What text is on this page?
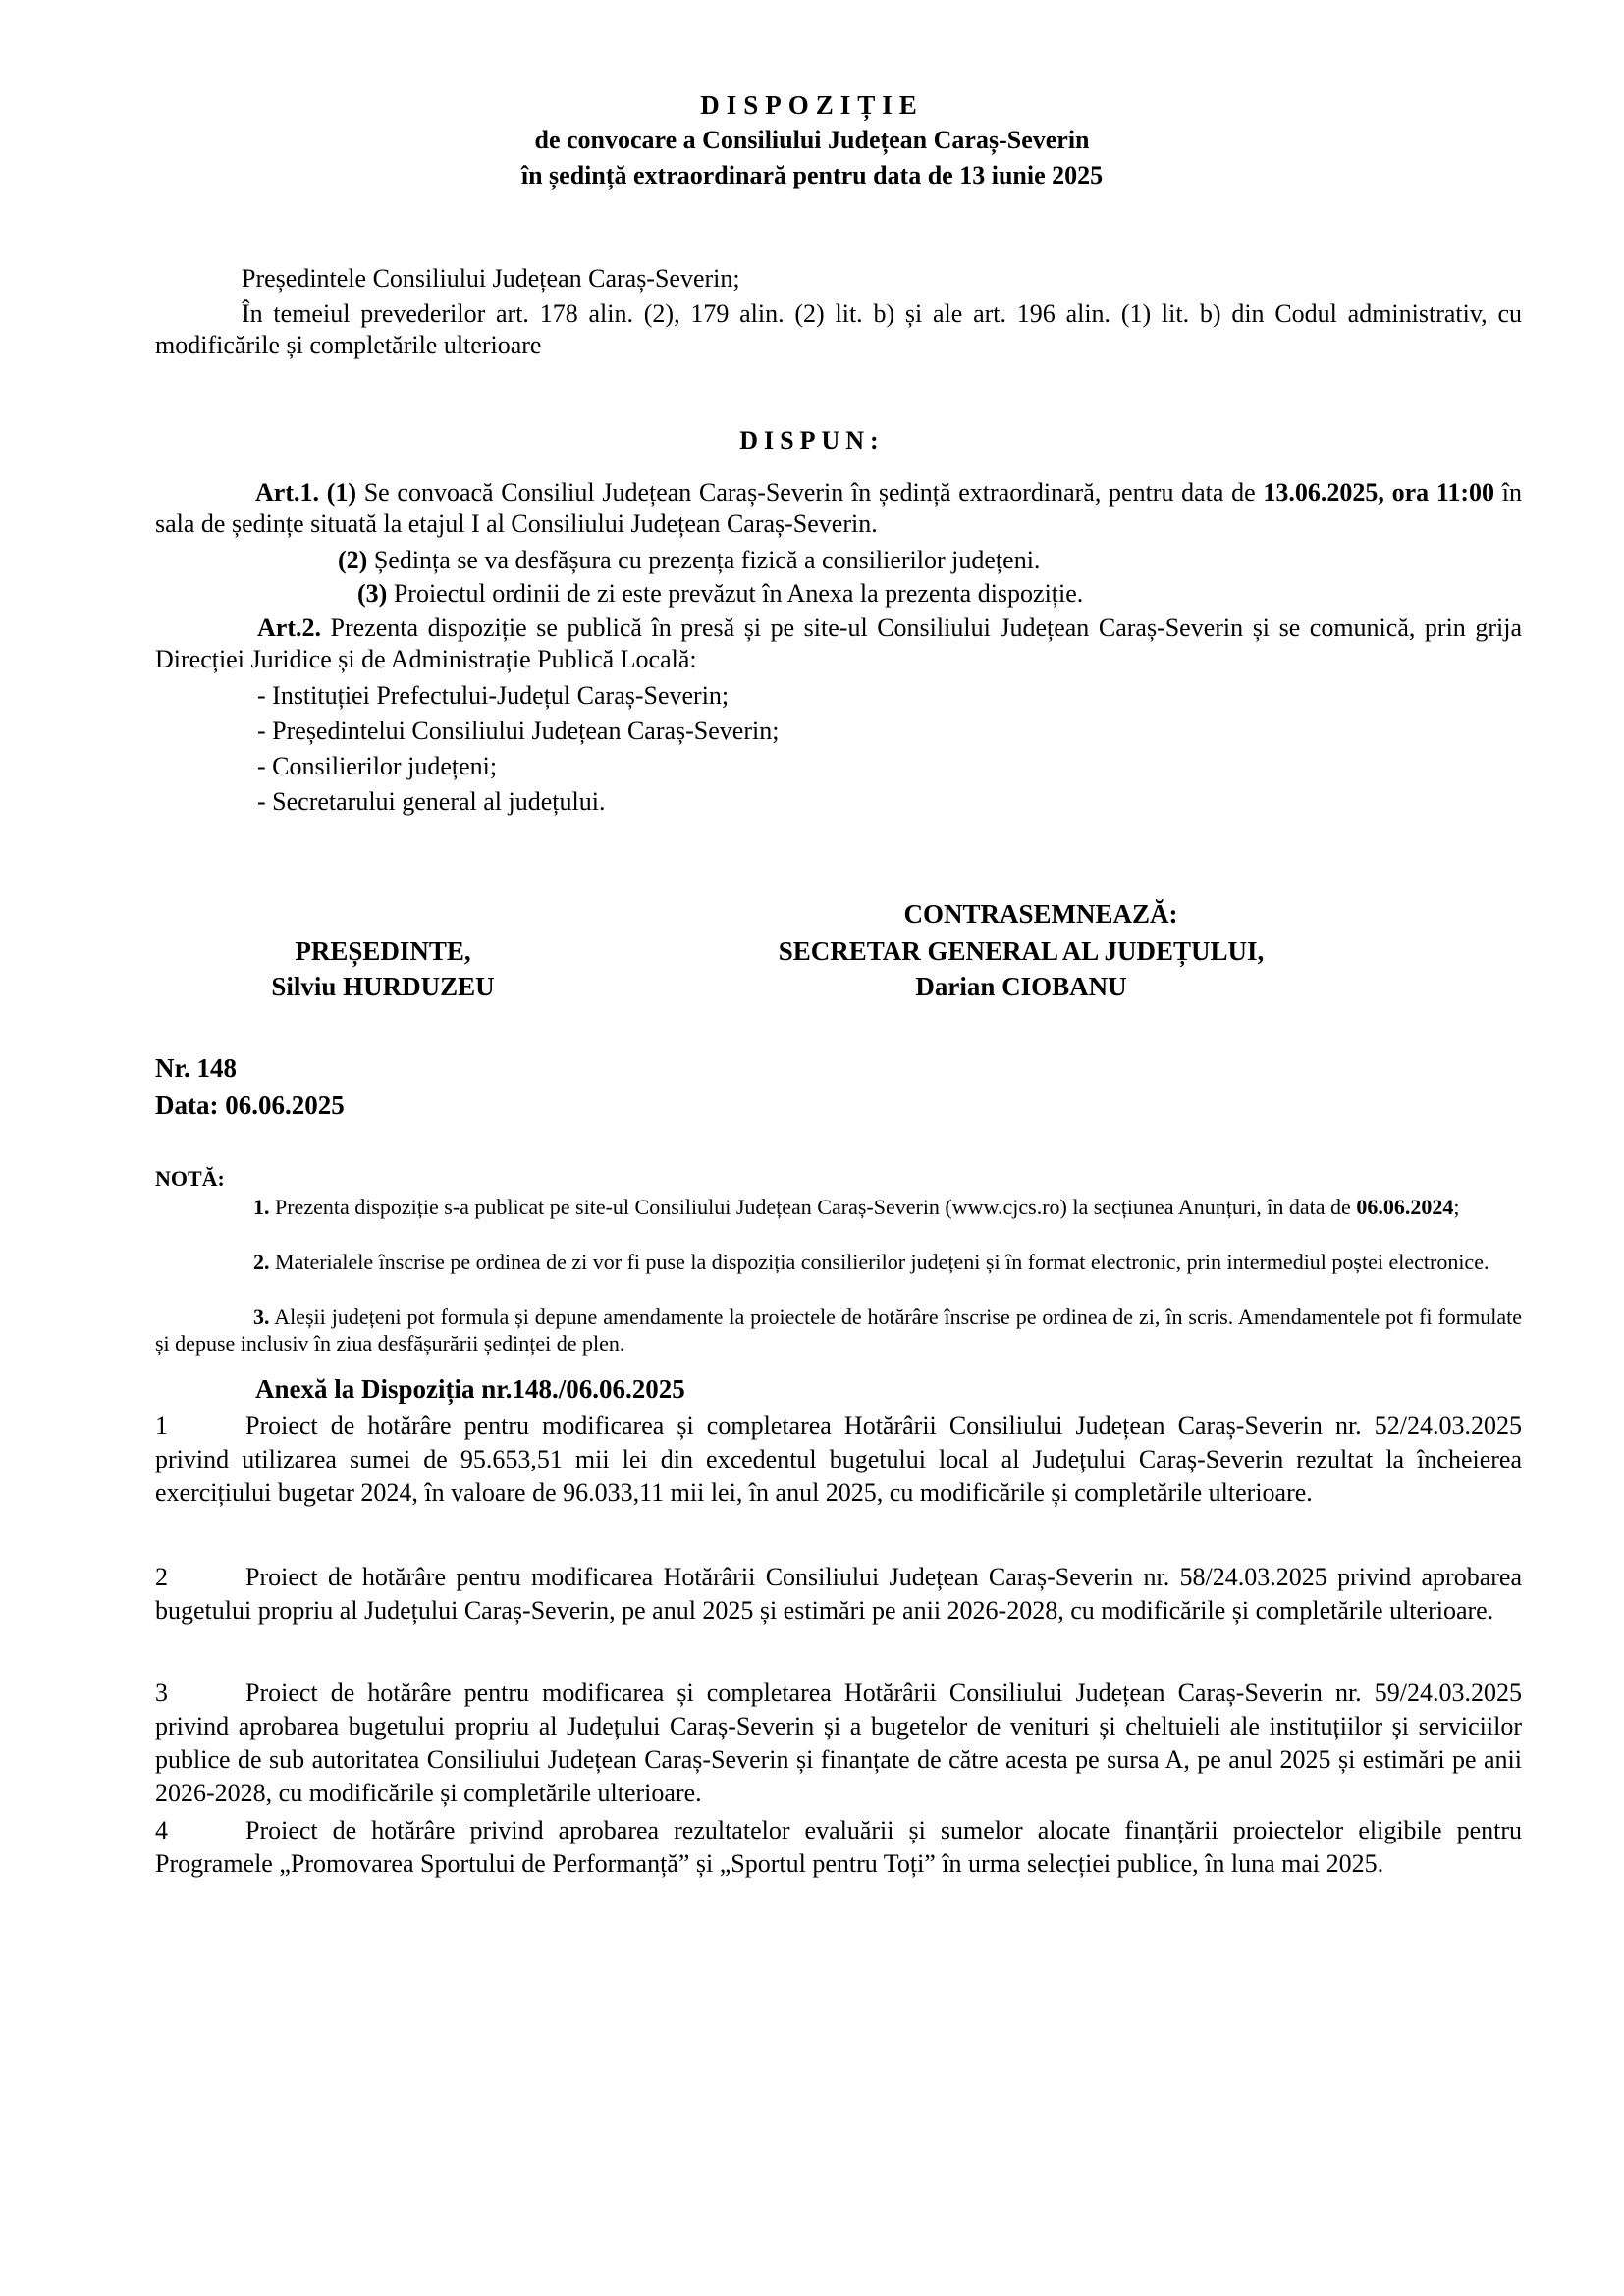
DISPOZIȚIE
de convocare a Consiliului Județean Caraș-Severin
în ședință extraordinară pentru data de 13 iunie 2025
Președintele Consiliului Județean Caraș-Severin;
În temeiul prevederilor art. 178 alin. (2), 179 alin. (2) lit. b) și ale art. 196 alin. (1) lit. b) din Codul administrativ, cu modificările și completările ulterioare
DISPUN:
Art.1. (1) Se convoacă Consiliul Județean Caraș-Severin în ședință extraordinară, pentru data de 13.06.2025, ora 11:00 în sala de ședințe situată la etajul I al Consiliului Județean Caraș-Severin.
(2) Ședința se va desfășura cu prezența fizică a consilierilor județeni.
(3) Proiectul ordinii de zi este prevăzut în Anexa la prezenta dispoziție.
Art.2. Prezenta dispoziție se publică în presă și pe site-ul Consiliului Județean Caraș-Severin și se comunică, prin grija Direcției Juridice și de Administrație Publică Locală:
- Instituției Prefectului-Județul Caraș-Severin;
- Președintelui Consiliului Județean Caraș-Severin;
- Consilierilor județeni;
- Secretarului general al județului.
CONTRASEMNEAZĂ:
PREȘEDINTE,
Silviu HURDUZEU
SECRETAR GENERAL AL JUDEȚULUI,
Darian CIOBANU
Nr. 148
Data: 06.06.2025
NOTĂ:
1. Prezenta dispoziție s-a publicat pe site-ul Consiliului Județean Caraș-Severin (www.cjcs.ro) la secțiunea Anunțuri, în data de 06.06.2024;
2. Materialele înscrise pe ordinea de zi vor fi puse la dispoziția consilierilor județeni și în format electronic, prin intermediul poștei electronice.
3. Aleșii județeni pot formula și depune amendamente la proiectele de hotărâre înscrise pe ordinea de zi, în scris. Amendamentele pot fi formulate și depuse inclusiv în ziua desfășurării ședinței de plen.
Anexă la Dispoziția nr.148./06.06.2025
1	Proiect de hotărâre pentru modificarea și completarea Hotărârii Consiliului Județean Caraș-Severin nr. 52/24.03.2025 privind utilizarea sumei de 95.653,51 mii lei din excedentul bugetului local al Județului Caraș-Severin rezultat la încheierea exercițiului bugetar 2024, în valoare de 96.033,11 mii lei, în anul 2025, cu modificările și completările ulterioare.
2	Proiect de hotărâre pentru modificarea Hotărârii Consiliului Județean Caraș-Severin nr. 58/24.03.2025 privind aprobarea bugetului propriu al Județului Caraș-Severin, pe anul 2025 și estimări pe anii 2026-2028, cu modificările și completările ulterioare.
3	Proiect de hotărâre pentru modificarea și completarea Hotărârii Consiliului Județean Caraș-Severin nr. 59/24.03.2025 privind aprobarea bugetului propriu al Județului Caraș-Severin și a bugetelor de venituri și cheltuieli ale instituțiilor și serviciilor publice de sub autoritatea Consiliului Județean Caraș-Severin și finanțate de către acesta pe sursa A, pe anul 2025 și estimări pe anii 2026-2028, cu modificările și completările ulterioare.
4	Proiect de hotărâre privind aprobarea rezultatelor evaluării și sumelor alocate finanțării proiectelor eligibile pentru Programele „Promovarea Sportului de Performanță” și „Sportul pentru Toți” în urma selecției publice, în luna mai 2025.
